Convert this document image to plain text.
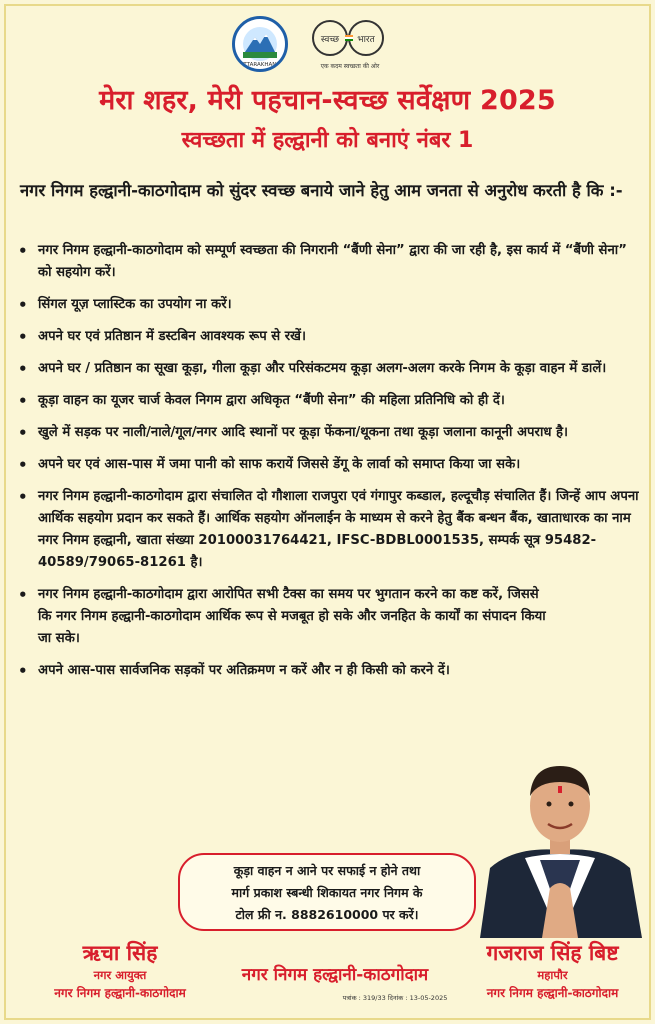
UTTARAKHAND
स्वच्छ भारत
एक कदम स्वच्छता की ओर
मेरा शहर, मेरी पहचान-स्वच्छ सर्वेक्षण 2025
स्वच्छता में हल्द्वानी को बनाएं नंबर 1
नगर निगम हल्द्वानी-काठगोदाम को सुंदर स्वच्छ बनाये जाने हेतु आम जनता से अनुरोध करती है कि :-
• नगर निगम हल्द्वानी-काठगोदाम को सम्पूर्ण स्वच्छता की निगरानी “बैंणी सेना” द्वारा की जा रही है, इस कार्य में “बैंणी सेना” को सहयोग करें।
• सिंगल यूज़ प्लास्टिक का उपयोग ना करें।
• अपने घर एवं प्रतिष्ठान में डस्टबिन आवश्यक रूप से रखें।
• अपने घर / प्रतिष्ठान का सूखा कूड़ा, गीला कूड़ा और परिसंकटमय कूड़ा अलग-अलग करके निगम के कूड़ा वाहन में डालें।
• कूड़ा वाहन का यूजर चार्ज केवल निगम द्वारा अधिकृत “बैंणी सेना” की महिला प्रतिनिधि को ही दें।
• खुले में सड़क पर नाली/नाले/गूल/नगर आदि स्थानों पर कूड़ा फेंकना/थूकना तथा कूड़ा जलाना कानूनी अपराध है।
• अपने घर एवं आस-पास में जमा पानी को साफ करायें जिससे डेंगू के लार्वा को समाप्त किया जा सके।
• नगर निगम हल्द्वानी-काठगोदाम द्वारा संचालित दो गौशाला राजपुरा एवं गंगापुर कब्डाल, हल्दूचौड़ संचालित हैं। जिन्हें आप अपना आर्थिक सहयोग प्रदान कर सकते हैं। आर्थिक सहयोग ऑनलाईन के माध्यम से करने हेतु बैंक बन्धन बैंक, खाताधारक का नाम नगर निगम हल्द्वानी, खाता संख्या 20100031764421, IFSC-BDBL0001535, सम्पर्क सूत्र 95482-40589/79065-81261 है।
• नगर निगम हल्द्वानी-काठगोदाम द्वारा आरोपित सभी टैक्स का समय पर भुगतान करने का कष्ट करें, जिससे कि नगर निगम हल्द्वानी-काठगोदाम आर्थिक रूप से मजबूत हो सके और जनहित के कार्यों का संपादन किया जा सके।
• अपने आस-पास सार्वजनिक सड़कों पर अतिक्रमण न करें और न ही किसी को करने दें।
कूड़ा वाहन न आने पर सफाई न होने तथा
मार्ग प्रकाश स्बन्धी शिकायत नगर निगम के
टोल फ्री न. 8882610000 पर करें।
ऋचा सिंह
नगर आयुक्त
नगर निगम हल्द्वानी-काठगोदाम
नगर निगम हल्द्वानी-काठगोदाम
पत्रांक : 319/33 दिनांक : 13-05-2025
गजराज सिंह बिष्ट
महापौर
नगर निगम हल्द्वानी-काठगोदाम
